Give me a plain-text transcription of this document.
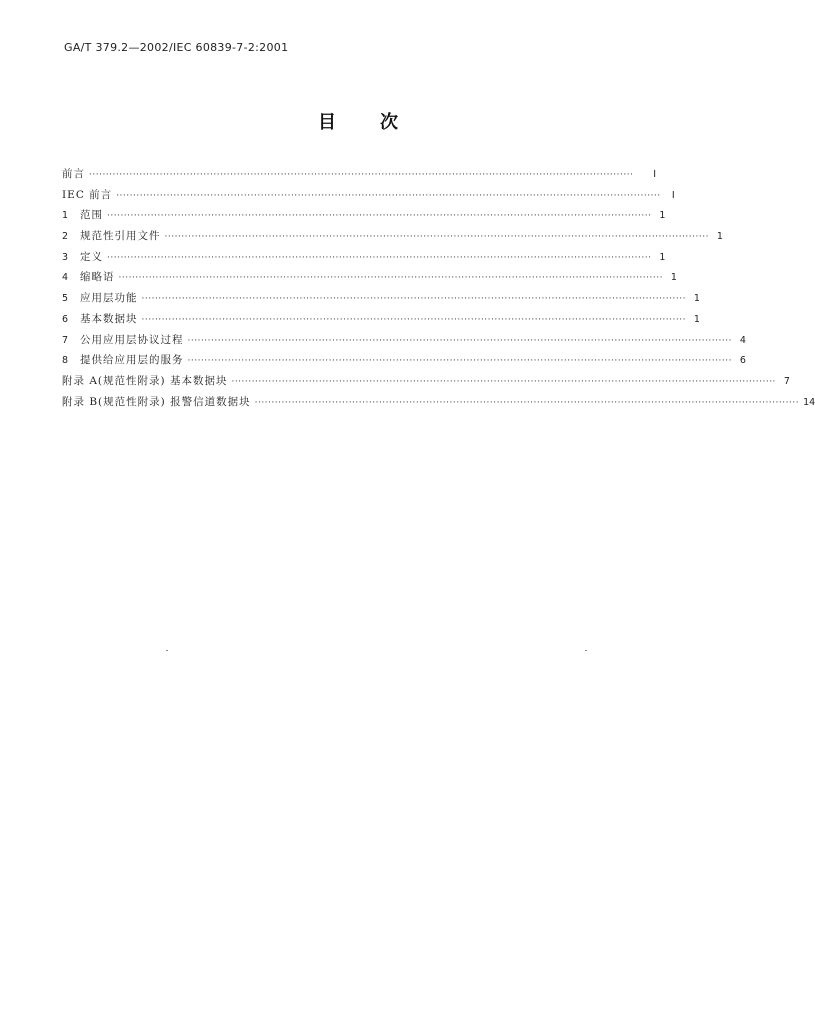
GA/T 379.2—2002/IEC 60839-7-2:2001
目 次
前言 ··································································································································································	I
IEC 前言 ··································································································································································	Ⅰ
1 范围 ·································································································································································· 1
2 规范性引用文件 ·································································································································································· 1
3 定义 ·································································································································································· 1
4 缩略语 ·································································································································································· 1
5 应用层功能 ·································································································································································· 1
6 基本数据块 ·································································································································································· 1
7 公用应用层协议过程 ·································································································································································· 4
8 提供给应用层的服务 ·································································································································································· 6
附录 A(规范性附录) 基本数据块 ·································································································································································· 7
附录 B(规范性附录) 报警信道数据块 ·································································································································································· 14
